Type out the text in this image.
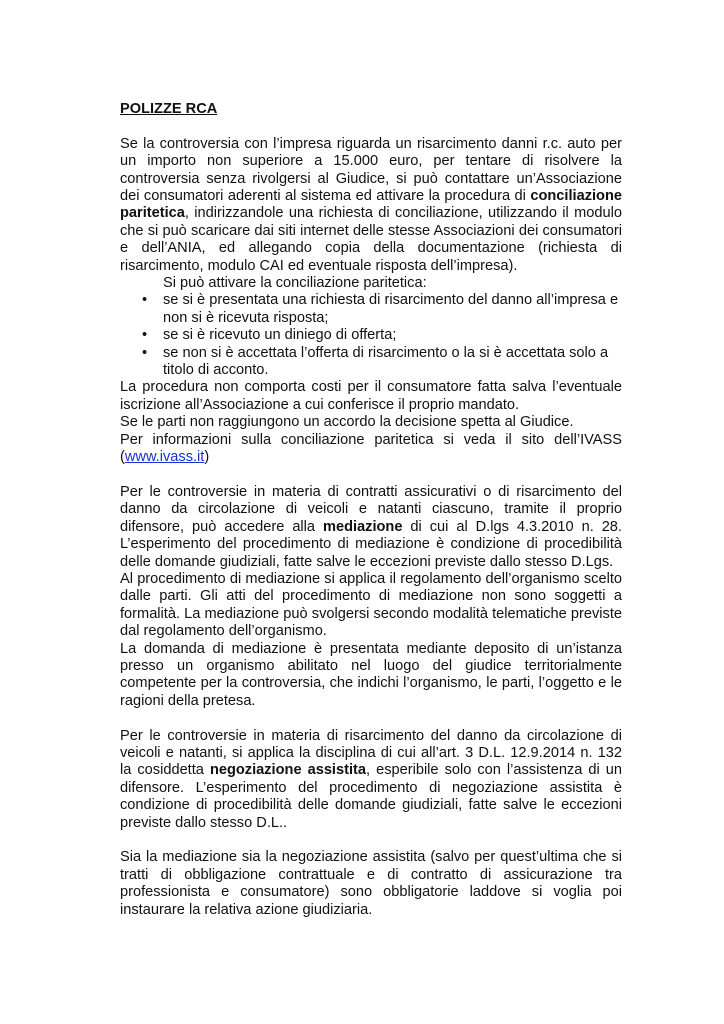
POLIZZE RCA

Se la controversia con l’impresa riguarda un risarcimento danni r.c. auto per un importo non superiore a 15.000 euro, per tentare di risolvere la controversia senza rivolgersi al Giudice, si può contattare un’Associazione dei consumatori aderenti al sistema ed attivare la procedura di conciliazione paritetica, indirizzandole una richiesta di conciliazione, utilizzando il modulo che si può scaricare dai siti internet delle stesse Associazioni dei consumatori e dell’ANIA, ed allegando copia della documentazione (richiesta di risarcimento, modulo CAI ed eventuale risposta dell’impresa).

Si può attivare la conciliazione paritetica:
• se si è presentata una richiesta di risarcimento del danno all’impresa e non si è ricevuta risposta;
• se si è ricevuto un diniego di offerta;
• se non si è accettata l’offerta di risarcimento o la si è accettata solo a titolo di acconto.

La procedura non comporta costi per il consumatore fatta salva l’eventuale iscrizione all’Associazione a cui conferisce il proprio mandato.

Se le parti non raggiungono un accordo la decisione spetta al Giudice.

Per informazioni sulla conciliazione paritetica si veda il sito dell’IVASS (www.ivass.it)

Per le controversie in materia di contratti assicurativi o di risarcimento del danno da circolazione di veicoli e natanti ciascuno, tramite il proprio difensore, può accedere alla mediazione di cui al D.lgs 4.3.2010 n. 28. L’esperimento del procedimento di mediazione è condizione di procedibilità delle domande giudiziali, fatte salve le eccezioni previste dallo stesso D.Lgs.

Al procedimento di mediazione si applica il regolamento dell’organismo scelto dalle parti. Gli atti del procedimento di mediazione non sono soggetti a formalità. La mediazione può svolgersi secondo modalità telematiche previste dal regolamento dell’organismo.

La domanda di mediazione è presentata mediante deposito di un’istanza presso un organismo abilitato nel luogo del giudice territorialmente competente per la controversia, che indichi l’organismo, le parti, l’oggetto e le ragioni della pretesa.

Per le controversie in materia di risarcimento del danno da circolazione di veicoli e natanti, si applica la disciplina di cui all’art. 3 D.L. 12.9.2014 n. 132 la cosiddetta negoziazione assistita, esperibile solo con l’assistenza di un difensore. L’esperimento del procedimento di negoziazione assistita è condizione di procedibilità delle domande giudiziali, fatte salve le eccezioni previste dallo stesso D.L..

Sia la mediazione sia la negoziazione assistita (salvo per quest’ultima che si tratti di obbligazione contrattuale e di contratto di assicurazione tra professionista e consumatore) sono obbligatorie laddove si voglia poi instaurare la relativa azione giudiziaria.
